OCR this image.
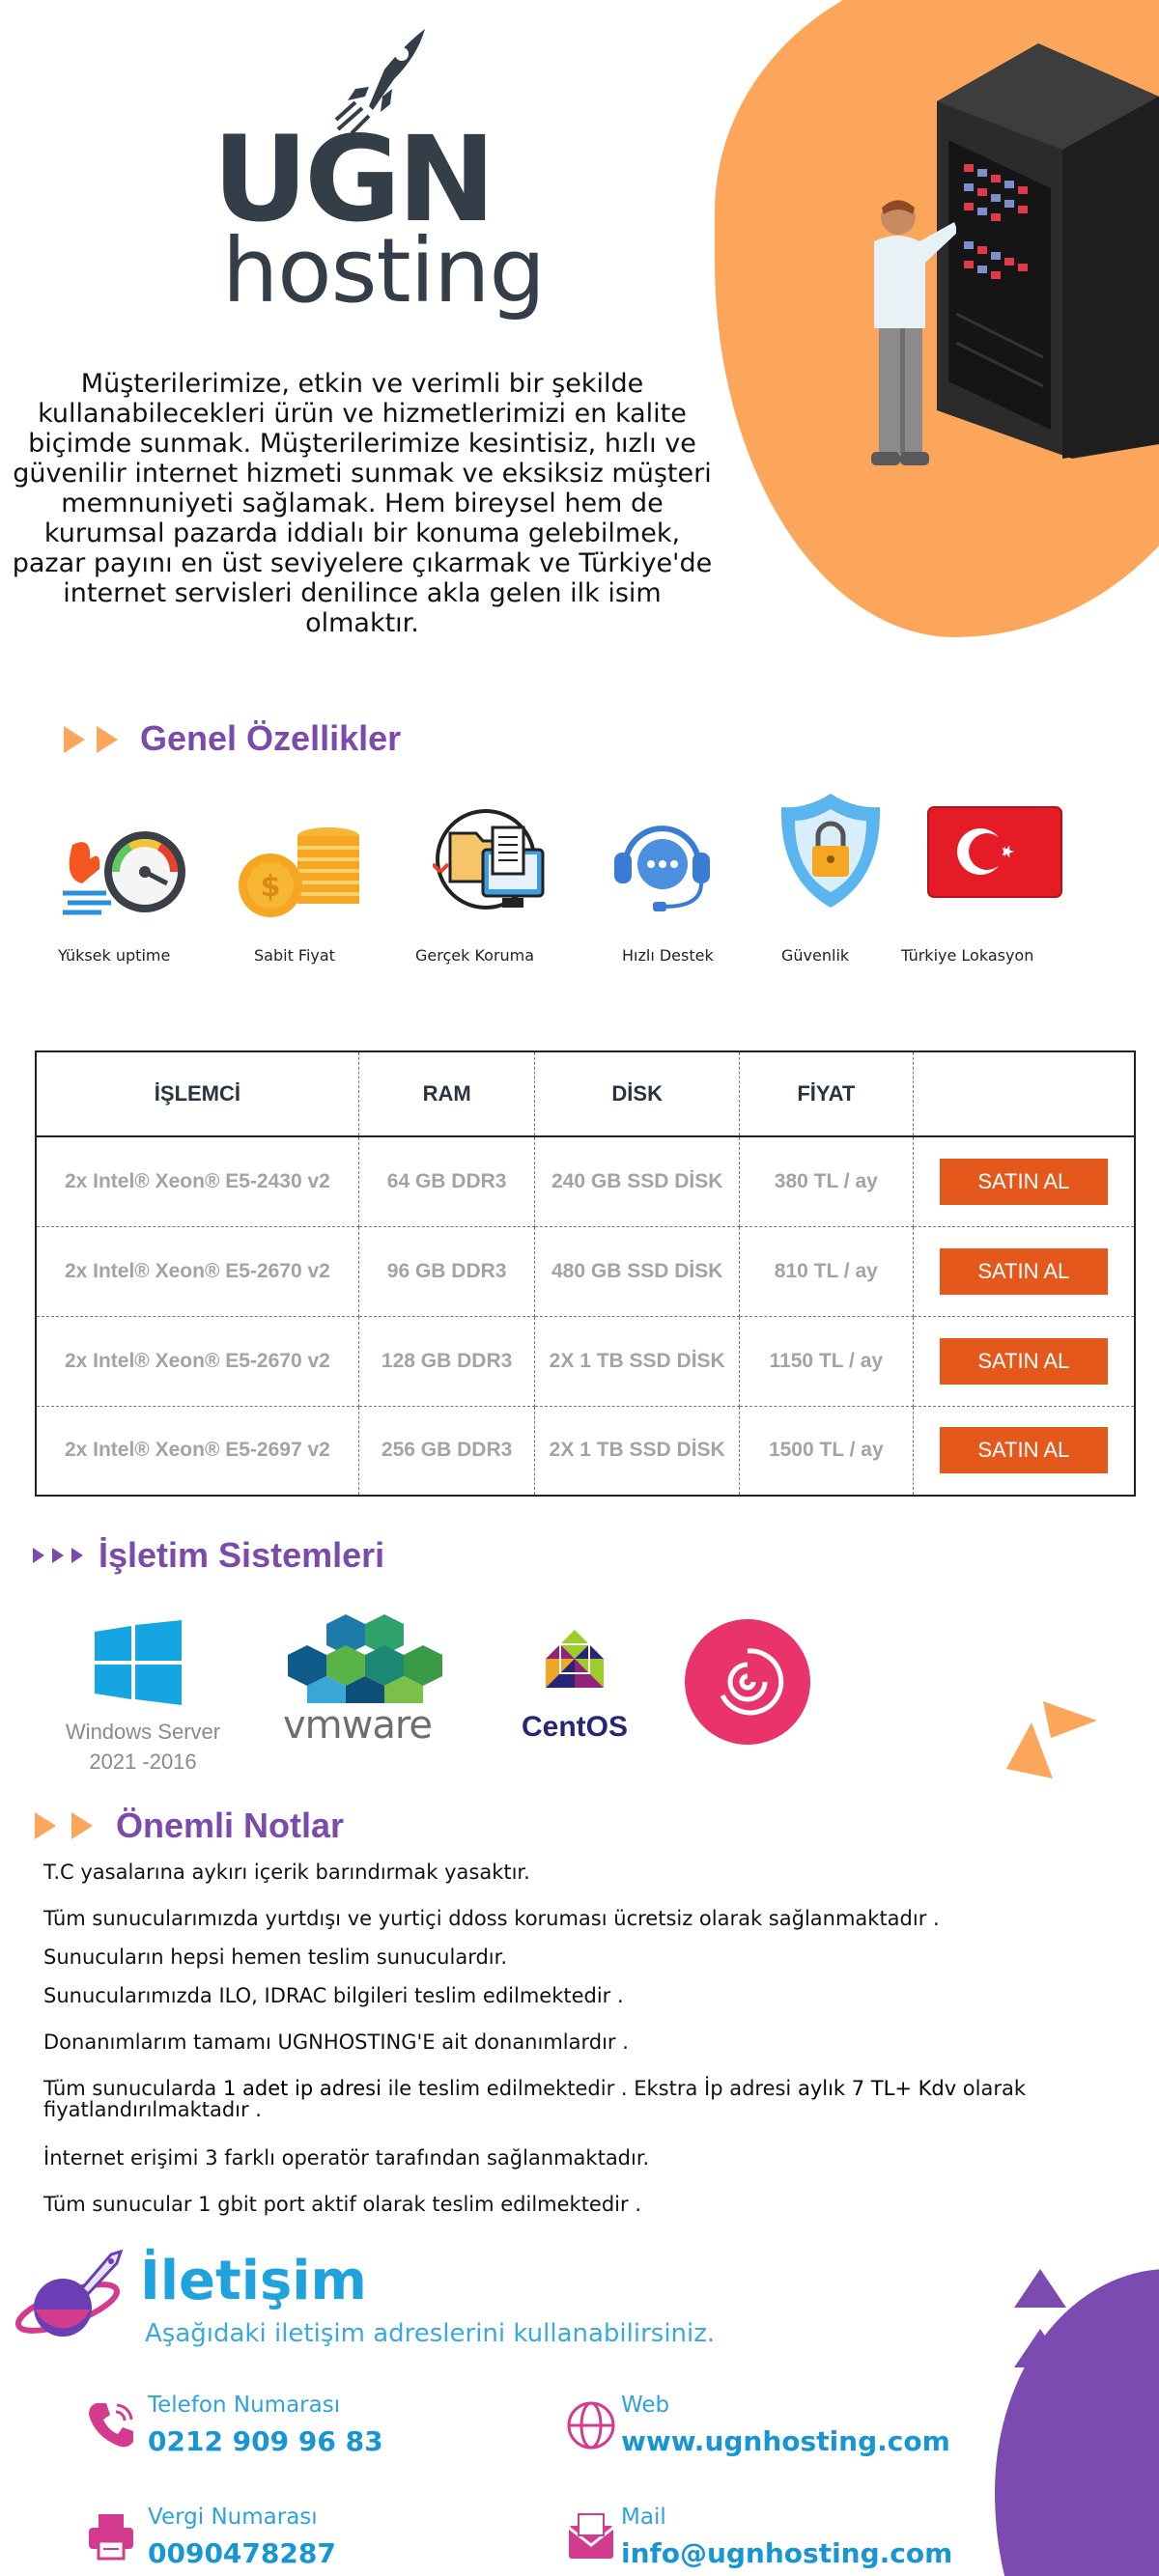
UGN
hosting
Müşterilerimize, etkin ve verimli bir şekilde kullanabilecekleri ürün ve hizmetlerimizi en kalite biçimde sunmak. Müşterilerimize kesintisiz, hızlı ve güvenilir internet hizmeti sunmak ve eksiksiz müşteri memnuniyeti sağlamak. Hem bireysel hem de kurumsal pazarda iddialı bir konuma gelebilmek, pazar payını en üst seviyelere çıkarmak ve Türkiye'de internet servisleri denilince akla gelen ilk isim olmaktır.
Genel Özellikler
$
Yüksek uptime	Sabit Fiyat	Gerçek Koruma	Hızlı Destek	Güvenlik	Türkiye Lokasyon
İŞLEMCİ	RAM	DİSK	FİYAT	
2x Intel® Xeon® E5-2430 v2	64 GB DDR3	240 GB SSD DİSK	380 TL / ay	SATIN AL
2x Intel® Xeon® E5-2670 v2	96 GB DDR3	480 GB SSD DİSK	810 TL / ay	SATIN AL
2x Intel® Xeon® E5-2670 v2	128 GB DDR3	2X 1 TB SSD DİSK	1150 TL / ay	SATIN AL
2x Intel® Xeon® E5-2697 v2	256 GB DDR3	2X 1 TB SSD DİSK	1500 TL / ay	SATIN AL
İşletim Sistemleri
Windows Server
2021 -2016
vmware	CentOS
Önemli Notlar

T.C yasalarına aykırı içerik barındırmak yasaktır.

Tüm sunucularımızda yurtdışı ve yurtiçi ddoss koruması ücretsiz olarak sağlanmaktadır .

Sunucuların hepsi hemen teslim sunuculardır.

Sunucularımızda ILO, IDRAC bilgileri teslim edilmektedir .

Donanımlarım tamamı UGNHOSTING'E ait donanımlardır .

Tüm sunucularda 1 adet ip adresi ile teslim edilmektedir . Ekstra İp adresi aylık 7 TL+ Kdv olarak fiyatlandırılmaktadır .

İnternet erişimi 3 farklı operatör tarafından sağlanmaktadır.

Tüm sunucular 1 gbit port aktif olarak teslim edilmektedir .

İletişim
Aşağıdaki iletişim adreslerini kullanabilirsiniz.
Telefon Numarası
0212 909 96 83
Web
www.ugnhosting.com
Vergi Numarası
0090478287
Mail
info@ugnhosting.com
